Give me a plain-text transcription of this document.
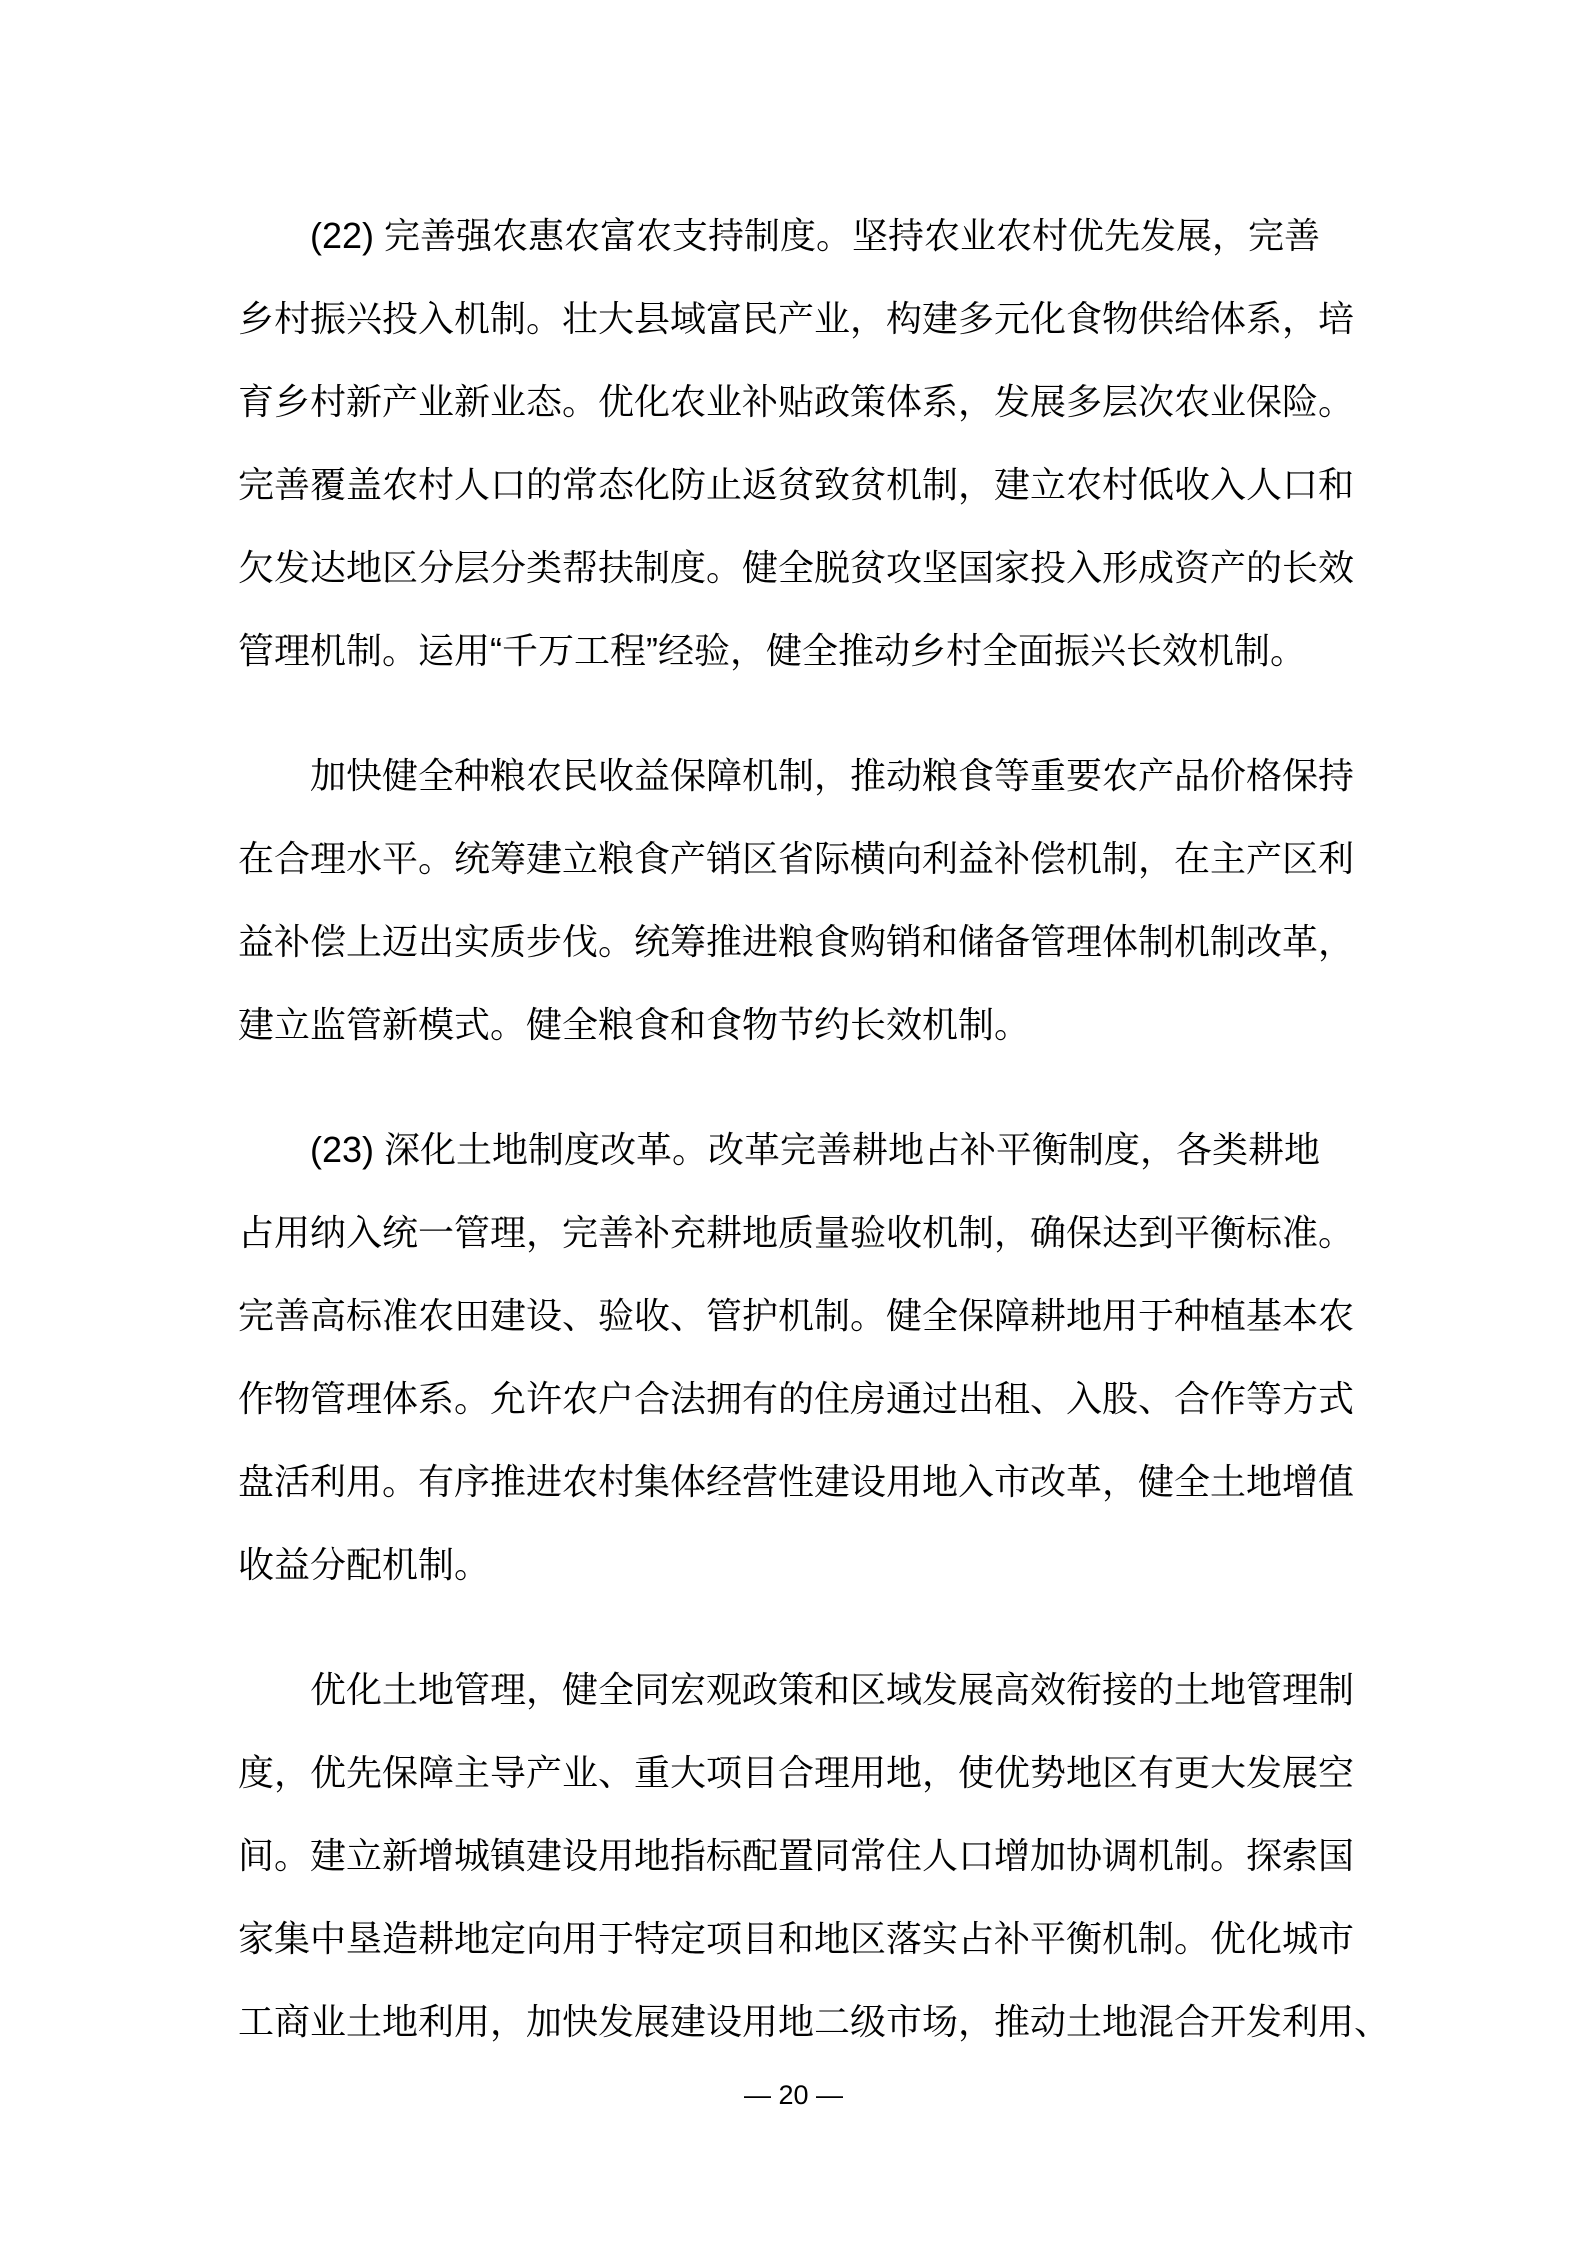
(22) 完善强农惠农富农支持制度。坚持农业农村优先发展，完善
乡村振兴投入机制。壮大县域富民产业，构建多元化食物供给体系，培
育乡村新产业新业态。优化农业补贴政策体系，发展多层次农业保险。
完善覆盖农村人口的常态化防止返贫致贫机制，建立农村低收入人口和
欠发达地区分层分类帮扶制度。健全脱贫攻坚国家投入形成资产的长效
管理机制。运用“千万工程”经验，健全推动乡村全面振兴长效机制。
加快健全种粮农民收益保障机制，推动粮食等重要农产品价格保持
在合理水平。统筹建立粮食产销区省际横向利益补偿机制，在主产区利
益补偿上迈出实质步伐。统筹推进粮食购销和储备管理体制机制改革，
建立监管新模式。健全粮食和食物节约长效机制。
(23) 深化土地制度改革。改革完善耕地占补平衡制度，各类耕地
占用纳入统一管理，完善补充耕地质量验收机制，确保达到平衡标准。
完善高标准农田建设、验收、管护机制。健全保障耕地用于种植基本农
作物管理体系。允许农户合法拥有的住房通过出租、入股、合作等方式
盘活利用。有序推进农村集体经营性建设用地入市改革，健全土地增值
收益分配机制。
优化土地管理，健全同宏观政策和区域发展高效衔接的土地管理制
度，优先保障主导产业、重大项目合理用地，使优势地区有更大发展空
间。建立新增城镇建设用地指标配置同常住人口增加协调机制。探索国
家集中垦造耕地定向用于特定项目和地区落实占补平衡机制。优化城市
工商业土地利用，加快发展建设用地二级市场，推动土地混合开发利用、
— 20 —
